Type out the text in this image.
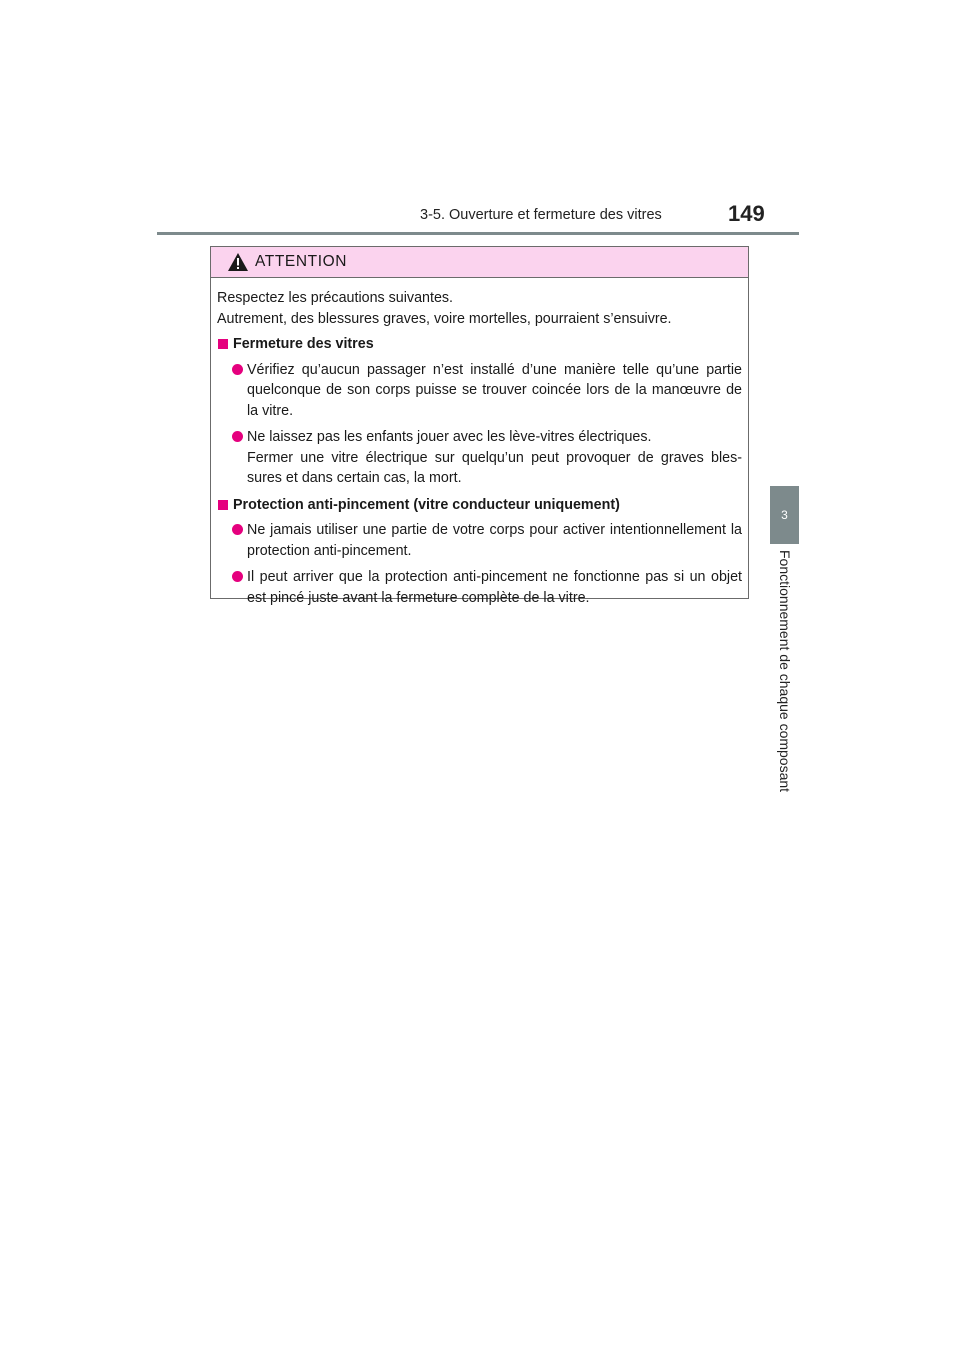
3-5. Ouverture et fermeture des vitres	149
3
Fonctionnement de chaque composant
ATTENTION

Respectez les précautions suivantes.

Autrement, des blessures graves, voire mortelles, pourraient s’ensuivre.

Fermeture des vitres
Vérifiez qu’aucun passager n’est installé d’une manière telle qu’une partie quelconque de son corps puisse se trouver coincée lors de la manœuvre de la vitre.
Ne laissez pas les enfants jouer avec les lève-vitres électriques.
Fermer une vitre électrique sur quelqu’un peut provoquer de graves bles-sures et dans certain cas, la mort.
Protection anti-pincement (vitre conducteur uniquement)
Ne jamais utiliser une partie de votre corps pour activer intentionnellement la protection anti-pincement.
Il peut arriver que la protection anti-pincement ne fonctionne pas si un objet est pincé juste avant la fermeture complète de la vitre.
